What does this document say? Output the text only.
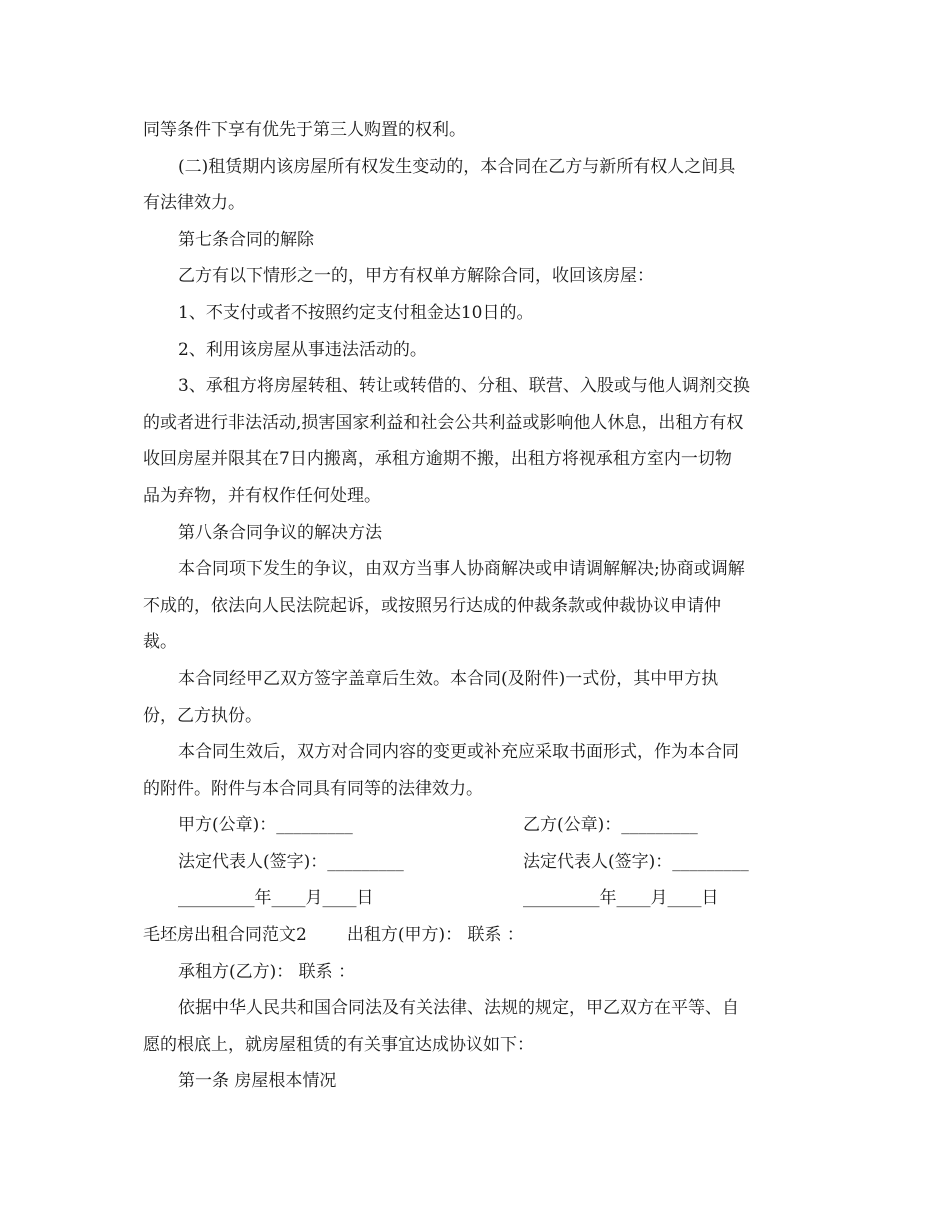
同等条件下享有优先于第三人购置的权利。

(二)租赁期内该房屋所有权发生变动的，本合同在乙方与新所有权人之间具

有法律效力。

第七条合同的解除

乙方有以下情形之一的，甲方有权单方解除合同，收回该房屋：

1、不支付或者不按照约定支付租金达10日的。

2、利用该房屋从事违法活动的。

3、承租方将房屋转租、转让或转借的、分租、联营、入股或与他人调剂交换

的或者进行非法活动,损害国家利益和社会公共利益或影响他人休息，出租方有权

收回房屋并限其在7日内搬离，承租方逾期不搬，出租方将视承租方室内一切物

品为弃物，并有权作任何处理。

第八条合同争议的解决方法

本合同项下发生的争议，由双方当事人协商解决或申请调解解决;协商或调解

不成的，依法向人民法院起诉，或按照另行达成的仲裁条款或仲裁协议申请仲

裁。

本合同经甲乙双方签字盖章后生效。本合同(及附件)一式份，其中甲方执

份，乙方执份。

本合同生效后，双方对合同内容的变更或补充应采取书面形式，作为本合同

的附件。附件与本合同具有同等的法律效力。

甲方(公章)：_________	乙方(公章)：_________
法定代表人(签字)：_________	法定代表人(签字)：_________
_________年____月____日	_________年____月____日

毛坯房出租合同范文2 出租方(甲方)： 联系 ：

承租方(乙方)： 联系 ：

依据中华人民共和国合同法及有关法律、法规的规定，甲乙双方在平等、自

愿的根底上，就房屋租赁的有关事宜达成协议如下：

第一条 房屋根本情况
